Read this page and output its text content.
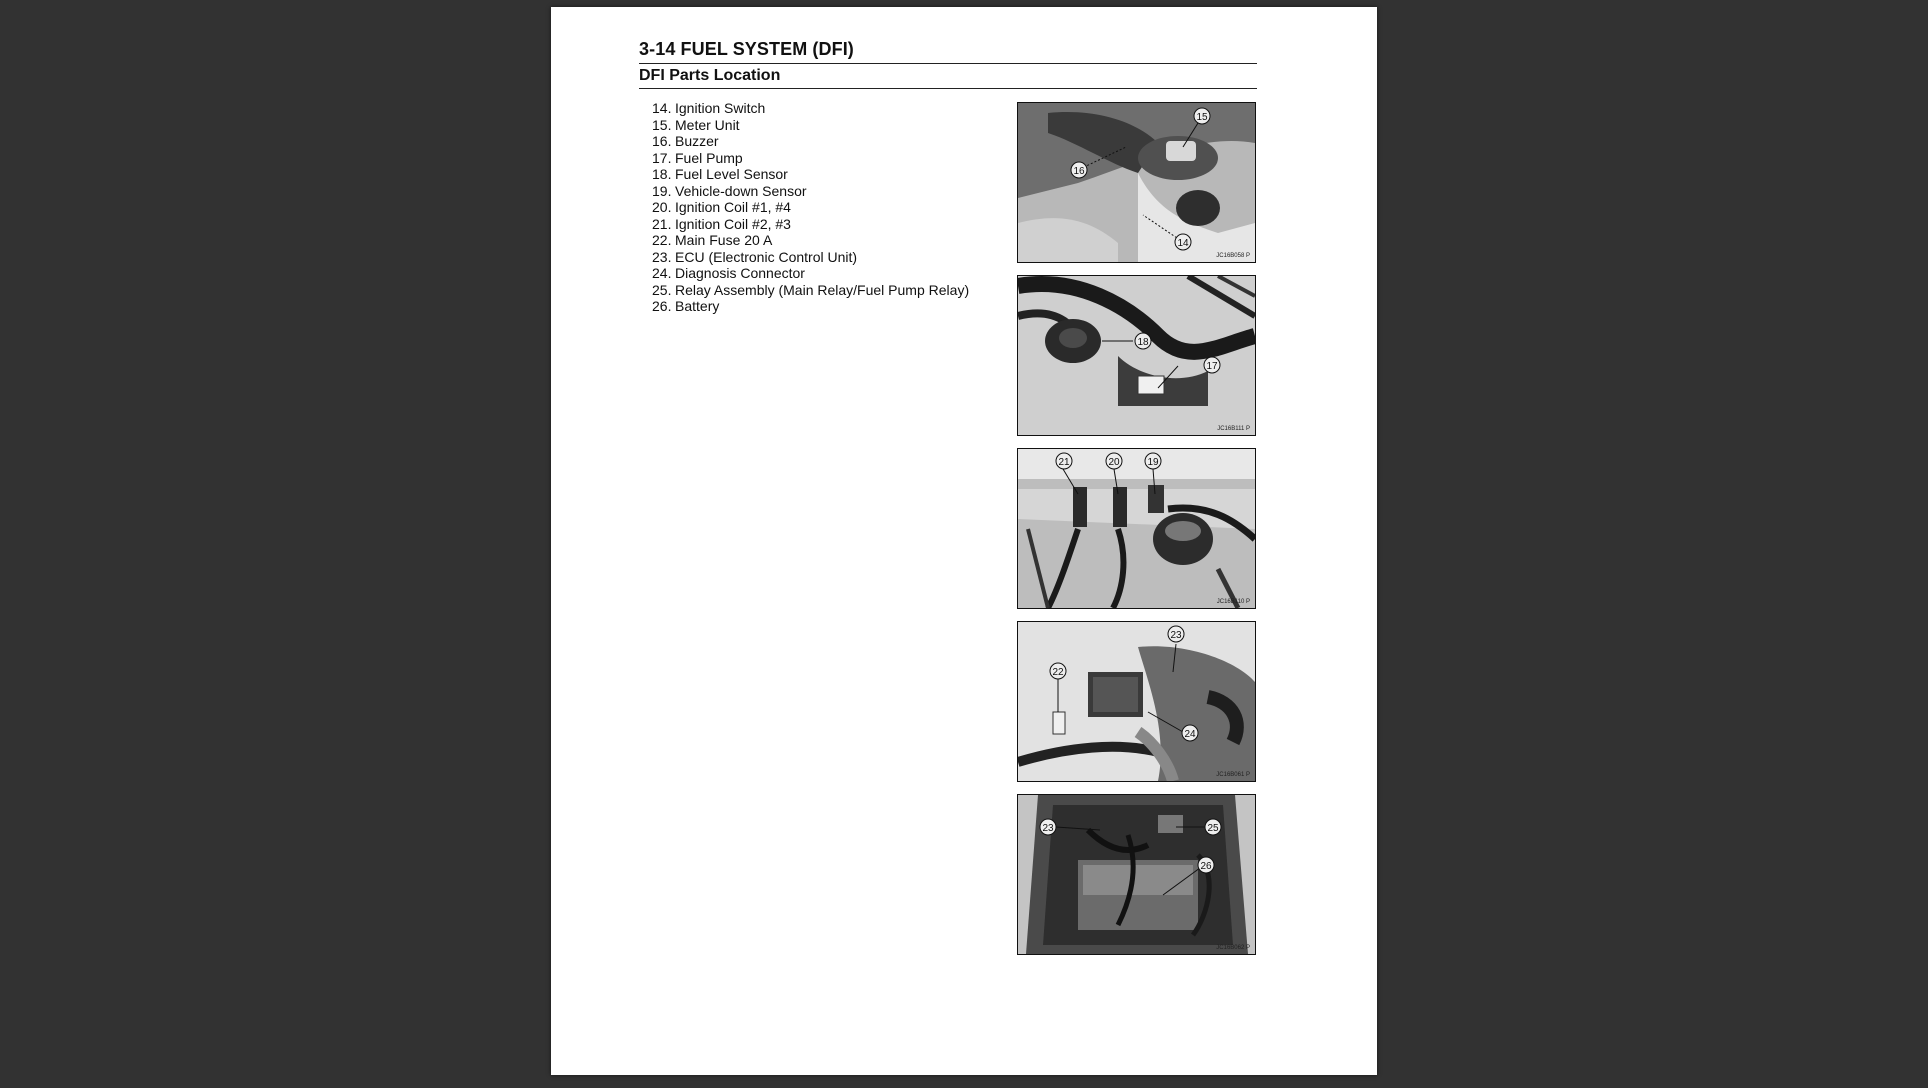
3-14 FUEL SYSTEM (DFI)
DFI Parts Location
14. Ignition Switch
15. Meter Unit
16. Buzzer
17. Fuel Pump
18. Fuel Level Sensor
19. Vehicle-down Sensor
20. Ignition Coil #1, #4
21. Ignition Coil #2, #3
22. Main Fuse 20 A
23. ECU (Electronic Control Unit)
24. Diagnosis Connector
25. Relay Assembly (Main Relay/Fuel Pump Relay)
26. Battery
15
16
14
JC16B058 P
18
17
JC16B111 P
21	20	19
JC16B110 P
23
22
24
JC16B061 P
23	25
26
JC16B062 P
